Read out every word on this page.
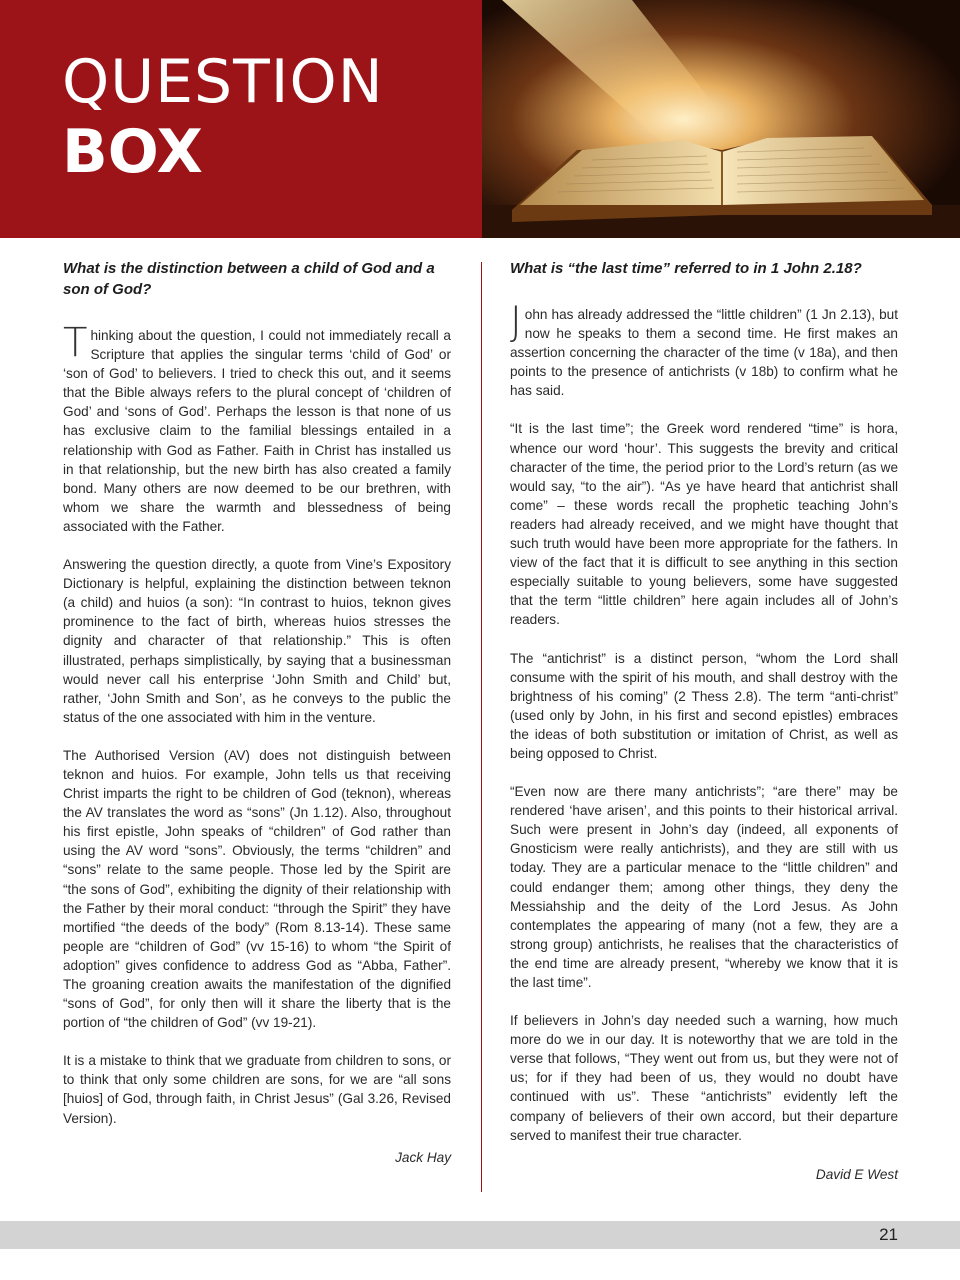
QUESTION
BOX

What is the distinction between a child of God and a son of God?

Thinking about the question, I could not immediately recall a Scripture that applies the singular terms ‘child of God’ or ‘son of God’ to believers. I tried to check this out, and it seems that the Bible always refers to the plural concept of ‘children of God’ and ‘sons of God’. Perhaps the lesson is that none of us has exclusive claim to the familial blessings entailed in a relationship with God as Father. Faith in Christ has installed us in that relationship, but the new birth has also created a family bond. Many others are now deemed to be our brethren, with whom we share the warmth and blessedness of being associated with the Father.

Answering the question directly, a quote from Vine’s Expository Dictionary is helpful, explaining the distinction between teknon (a child) and huios (a son): “In contrast to huios, teknon gives prominence to the fact of birth, whereas huios stresses the dignity and character of that relationship.” This is often illustrated, perhaps simplistically, by saying that a businessman would never call his enterprise ‘John Smith and Child’ but, rather, ‘John Smith and Son’, as he conveys to the public the status of the one associated with him in the venture.

The Authorised Version (AV) does not distinguish between teknon and huios. For example, John tells us that receiving Christ imparts the right to be children of God (teknon), whereas the AV translates the word as “sons” (Jn 1.12). Also, throughout his first epistle, John speaks of “children” of God rather than using the AV word “sons”. Obviously, the terms “children” and “sons” relate to the same people. Those led by the Spirit are “the sons of God”, exhibiting the dignity of their relationship with the Father by their moral conduct: “through the Spirit” they have mortified “the deeds of the body” (Rom 8.13-14). These same people are “children of God” (vv 15-16) to whom “the Spirit of adoption” gives confidence to address God as “Abba, Father”. The groaning creation awaits the manifestation of the dignified “sons of God”, for only then will it share the liberty that is the portion of “the children of God” (vv 19-21).

It is a mistake to think that we graduate from children to sons, or to think that only some children are sons, for we are “all sons [huios] of God, through faith, in Christ Jesus” (Gal 3.26, Revised Version).

Jack Hay

What is “the last time” referred to in 1 John 2.18?

John has already addressed the “little children” (1 Jn 2.13), but now he speaks to them a second time. He first makes an assertion concerning the character of the time (v 18a), and then points to the presence of antichrists (v 18b) to confirm what he has said.

“It is the last time”; the Greek word rendered “time” is hora, whence our word ‘hour’. This suggests the brevity and critical character of the time, the period prior to the Lord’s return (as we would say, “to the air”). “As ye have heard that antichrist shall come” – these words recall the prophetic teaching John’s readers had already received, and we might have thought that such truth would have been more appropriate for the fathers. In view of the fact that it is difficult to see anything in this section especially suitable to young believers, some have suggested that the term “little children” here again includes all of John’s readers.

The “antichrist” is a distinct person, “whom the Lord shall consume with the spirit of his mouth, and shall destroy with the brightness of his coming” (2 Thess 2.8). The term “anti-christ” (used only by John, in his first and second epistles) embraces the ideas of both substitution or imitation of Christ, as well as being opposed to Christ.

“Even now are there many antichrists”; “are there” may be rendered ‘have arisen’, and this points to their historical arrival. Such were present in John’s day (indeed, all exponents of Gnosticism were really antichrists), and they are still with us today. They are a particular menace to the “little children” and could endanger them; among other things, they deny the Messiahship and the deity of the Lord Jesus. As John contemplates the appearing of many (not a few, they are a strong group) antichrists, he realises that the characteristics of the end time are already present, “whereby we know that it is the last time”.

If believers in John’s day needed such a warning, how much more do we in our day. It is noteworthy that we are told in the verse that follows, “They went out from us, but they were not of us; for if they had been of us, they would no doubt have continued with us”. These “antichrists” evidently left the company of believers of their own accord, but their departure served to manifest their true character.

David E West
21
